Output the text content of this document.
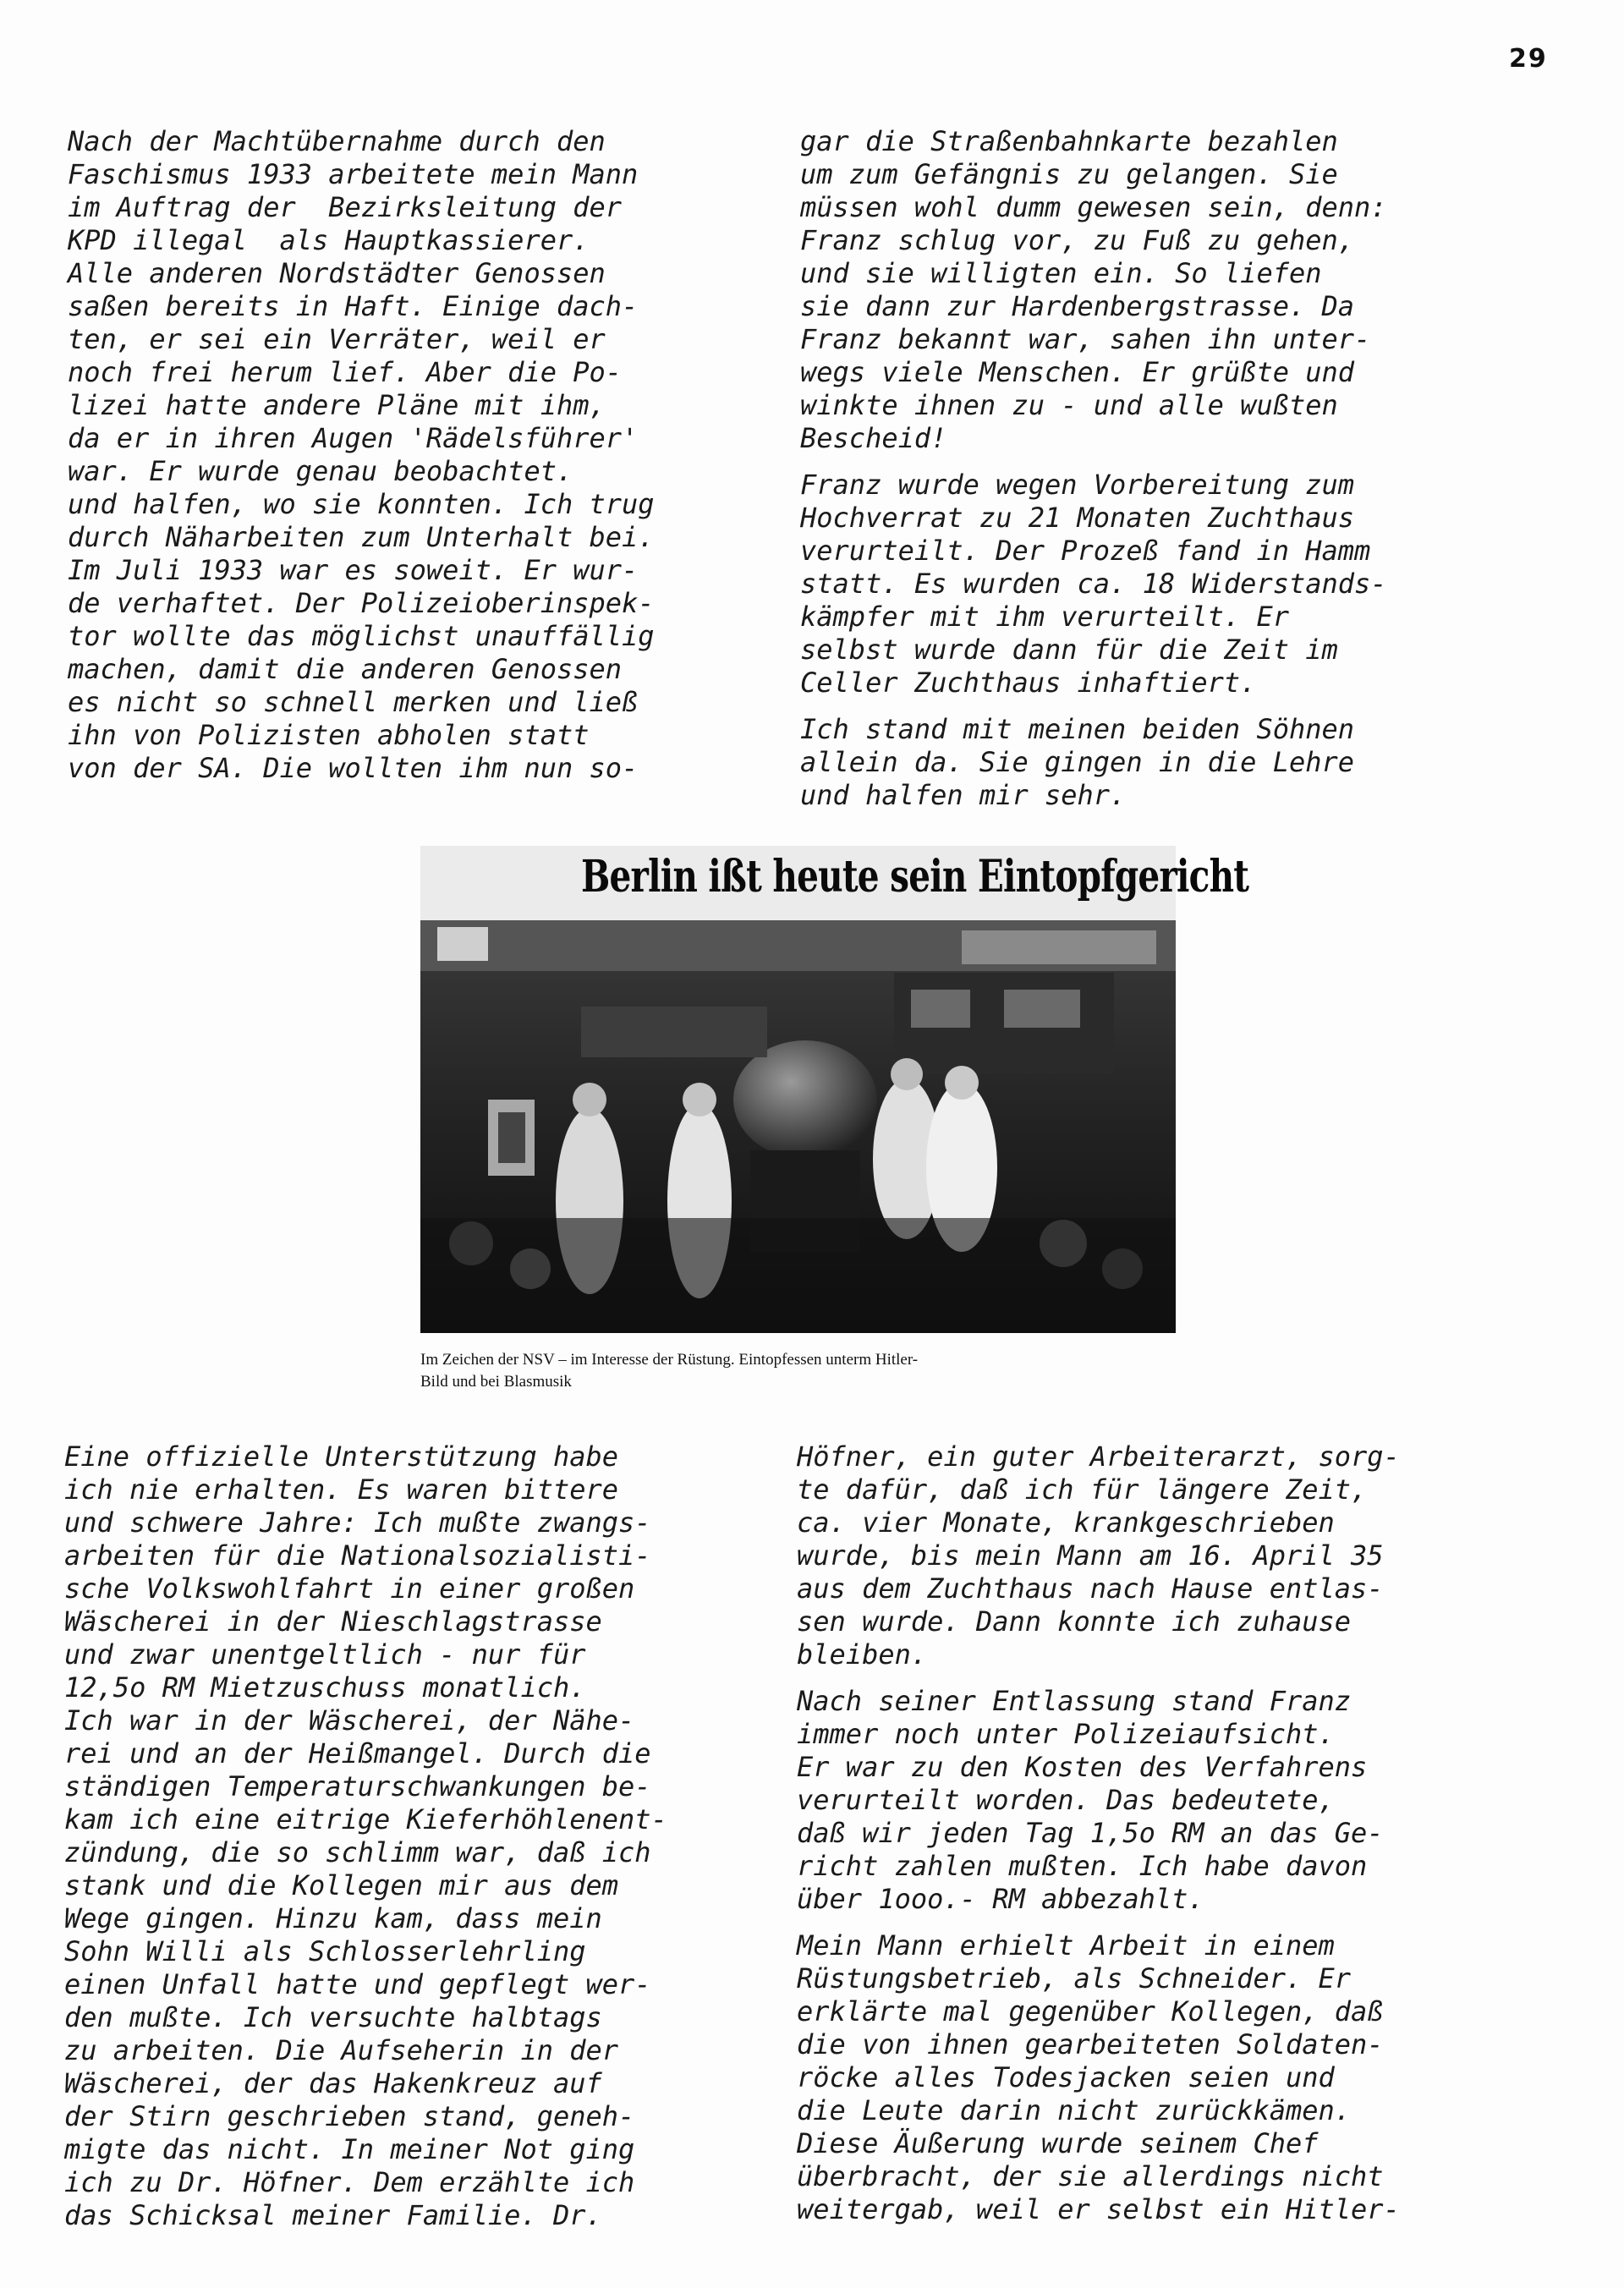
29

Nach der Machtübernahme durch den
Faschismus 1933 arbeitete mein Mann
im Auftrag der  Bezirksleitung der
KPD illegal  als Hauptkassierer.
Alle anderen Nordstädter Genossen
saßen bereits in Haft. Einige dach-
ten, er sei ein Verräter, weil er
noch frei herum lief. Aber die Po-
lizei hatte andere Pläne mit ihm,
da er in ihren Augen 'Rädelsführer'
war. Er wurde genau beobachtet.
und halfen, wo sie konnten. Ich trug
durch Näharbeiten zum Unterhalt bei.
Im Juli 1933 war es soweit. Er wur-
de verhaftet. Der Polizeioberinspek-
tor wollte das möglichst unauffällig
machen, damit die anderen Genossen
es nicht so schnell merken und ließ
ihn von Polizisten abholen statt
von der SA. Die wollten ihm nun so-

gar die Straßenbahnkarte bezahlen
um zum Gefängnis zu gelangen. Sie
müssen wohl dumm gewesen sein, denn:
Franz schlug vor, zu Fuß zu gehen,
und sie willigten ein. So liefen
sie dann zur Hardenbergstrasse. Da
Franz bekannt war, sahen ihn unter-
wegs viele Menschen. Er grüßte und
winkte ihnen zu - und alle wußten
Bescheid!

Franz wurde wegen Vorbereitung zum
Hochverrat zu 21 Monaten Zuchthaus
verurteilt. Der Prozeß fand in Hamm
statt. Es wurden ca. 18 Widerstands-
kämpfer mit ihm verurteilt. Er
selbst wurde dann für die Zeit im
Celler Zuchthaus inhaftiert.

Ich stand mit meinen beiden Söhnen
allein da. Sie gingen in die Lehre
und halfen mir sehr.

Berlin ißt heute sein Eintopfgericht
Im Zeichen der NSV – im Interesse der Rüstung. Eintopfessen unterm Hitler-
Bild und bei Blasmusik

Eine offizielle Unterstützung habe
ich nie erhalten. Es waren bittere
und schwere Jahre: Ich mußte zwangs-
arbeiten für die Nationalsozialisti-
sche Volkswohlfahrt in einer großen
Wäscherei in der Nieschlagstrasse
und zwar unentgeltlich - nur für
12,5o RM Mietzuschuss monatlich.
Ich war in der Wäscherei, der Nähe-
rei und an der Heißmangel. Durch die
ständigen Temperaturschwankungen be-
kam ich eine eitrige Kieferhöhlenent-
zündung, die so schlimm war, daß ich
stank und die Kollegen mir aus dem
Wege gingen. Hinzu kam, dass mein
Sohn Willi als Schlosserlehrling
einen Unfall hatte und gepflegt wer-
den mußte. Ich versuchte halbtags
zu arbeiten. Die Aufseherin in der
Wäscherei, der das Hakenkreuz auf
der Stirn geschrieben stand, geneh-
migte das nicht. In meiner Not ging
ich zu Dr. Höfner. Dem erzählte ich
das Schicksal meiner Familie. Dr.

Höfner, ein guter Arbeiterarzt, sorg-
te dafür, daß ich für längere Zeit,
ca. vier Monate, krankgeschrieben
wurde, bis mein Mann am 16. April 35
aus dem Zuchthaus nach Hause entlas-
sen wurde. Dann konnte ich zuhause
bleiben.

Nach seiner Entlassung stand Franz
immer noch unter Polizeiaufsicht.
Er war zu den Kosten des Verfahrens
verurteilt worden. Das bedeutete,
daß wir jeden Tag 1,5o RM an das Ge-
richt zahlen mußten. Ich habe davon
über 1ooo.- RM abbezahlt.

Mein Mann erhielt Arbeit in einem
Rüstungsbetrieb, als Schneider. Er
erklärte mal gegenüber Kollegen, daß
die von ihnen gearbeiteten Soldaten-
röcke alles Todesjacken seien und
die Leute darin nicht zurückkämen.
Diese Äußerung wurde seinem Chef
überbracht, der sie allerdings nicht
weitergab, weil er selbst ein Hitler-
